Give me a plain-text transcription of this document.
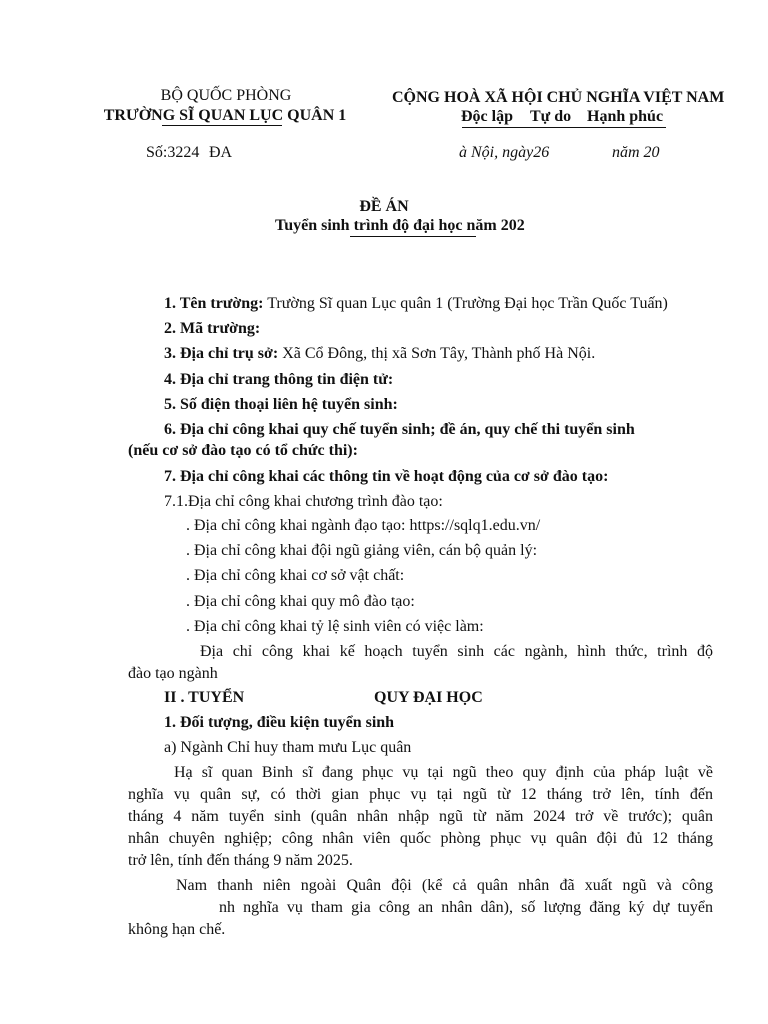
BỘ QUỐC PHÒNG
TRƯỜNG SĨ QUAN LỤC QUÂN 1
CỘNG HOÀ XÃ HỘI CHỦ NGHĨA VIỆT NAM
Độc lập Tự do Hạnh phúc
Số:3224 ĐA	à Nội, ngày26	năm 20
ĐỀ ÁN
Tuyển sinh trình độ đại học năm 202
1. Tên trường: Trường Sĩ quan Lục quân 1 (Trường Đại học Trần Quốc Tuấn)
2. Mã trường:
3. Địa chỉ trụ sở: Xã Cổ Đông, thị xã Sơn Tây, Thành phố Hà Nội.
4. Địa chỉ trang thông tin điện tử:
5. Số điện thoại liên hệ tuyển sinh:
6. Địa chỉ công khai quy chế tuyển sinh; đề án, quy chế thi tuyển sinh
(nếu cơ sở đào tạo có tổ chức thi):
7. Địa chỉ công khai các thông tin về hoạt động của cơ sở đào tạo:
7.1.Địa chỉ công khai chương trình đào tạo:
. Địa chỉ công khai ngành đạo tạo: https://sqlq1.edu.vn/
. Địa chỉ công khai đội ngũ giảng viên, cán bộ quản lý:
. Địa chỉ công khai cơ sở vật chất:
. Địa chỉ công khai quy mô đào tạo:
. Địa chỉ công khai tỷ lệ sinh viên có việc làm:
Địa chỉ công khai kế hoạch tuyển sinh các ngành, hình thức, trình độ
đào tạo ngành
II . TUYỂN	QUY ĐẠI HỌC
1. Đối tượng, điều kiện tuyển sinh
a) Ngành Chỉ huy tham mưu Lục quân
Hạ sĩ quan Binh sĩ đang phục vụ tại ngũ theo quy định của pháp luật về
nghĩa vụ quân sự, có thời gian phục vụ tại ngũ từ 12 tháng trở lên, tính đến
tháng 4 năm tuyển sinh (quân nhân nhập ngũ từ năm 2024 trở về trước); quân
nhân chuyên nghiệp; công nhân viên quốc phòng phục vụ quân đội đủ 12 tháng
trở lên, tính đến tháng 9 năm 2025.
Nam thanh niên ngoài Quân đội (kể cả quân nhân đã xuất ngũ và công
nh nghĩa vụ tham gia công an nhân dân), số lượng đăng ký dự tuyển
không hạn chế.
